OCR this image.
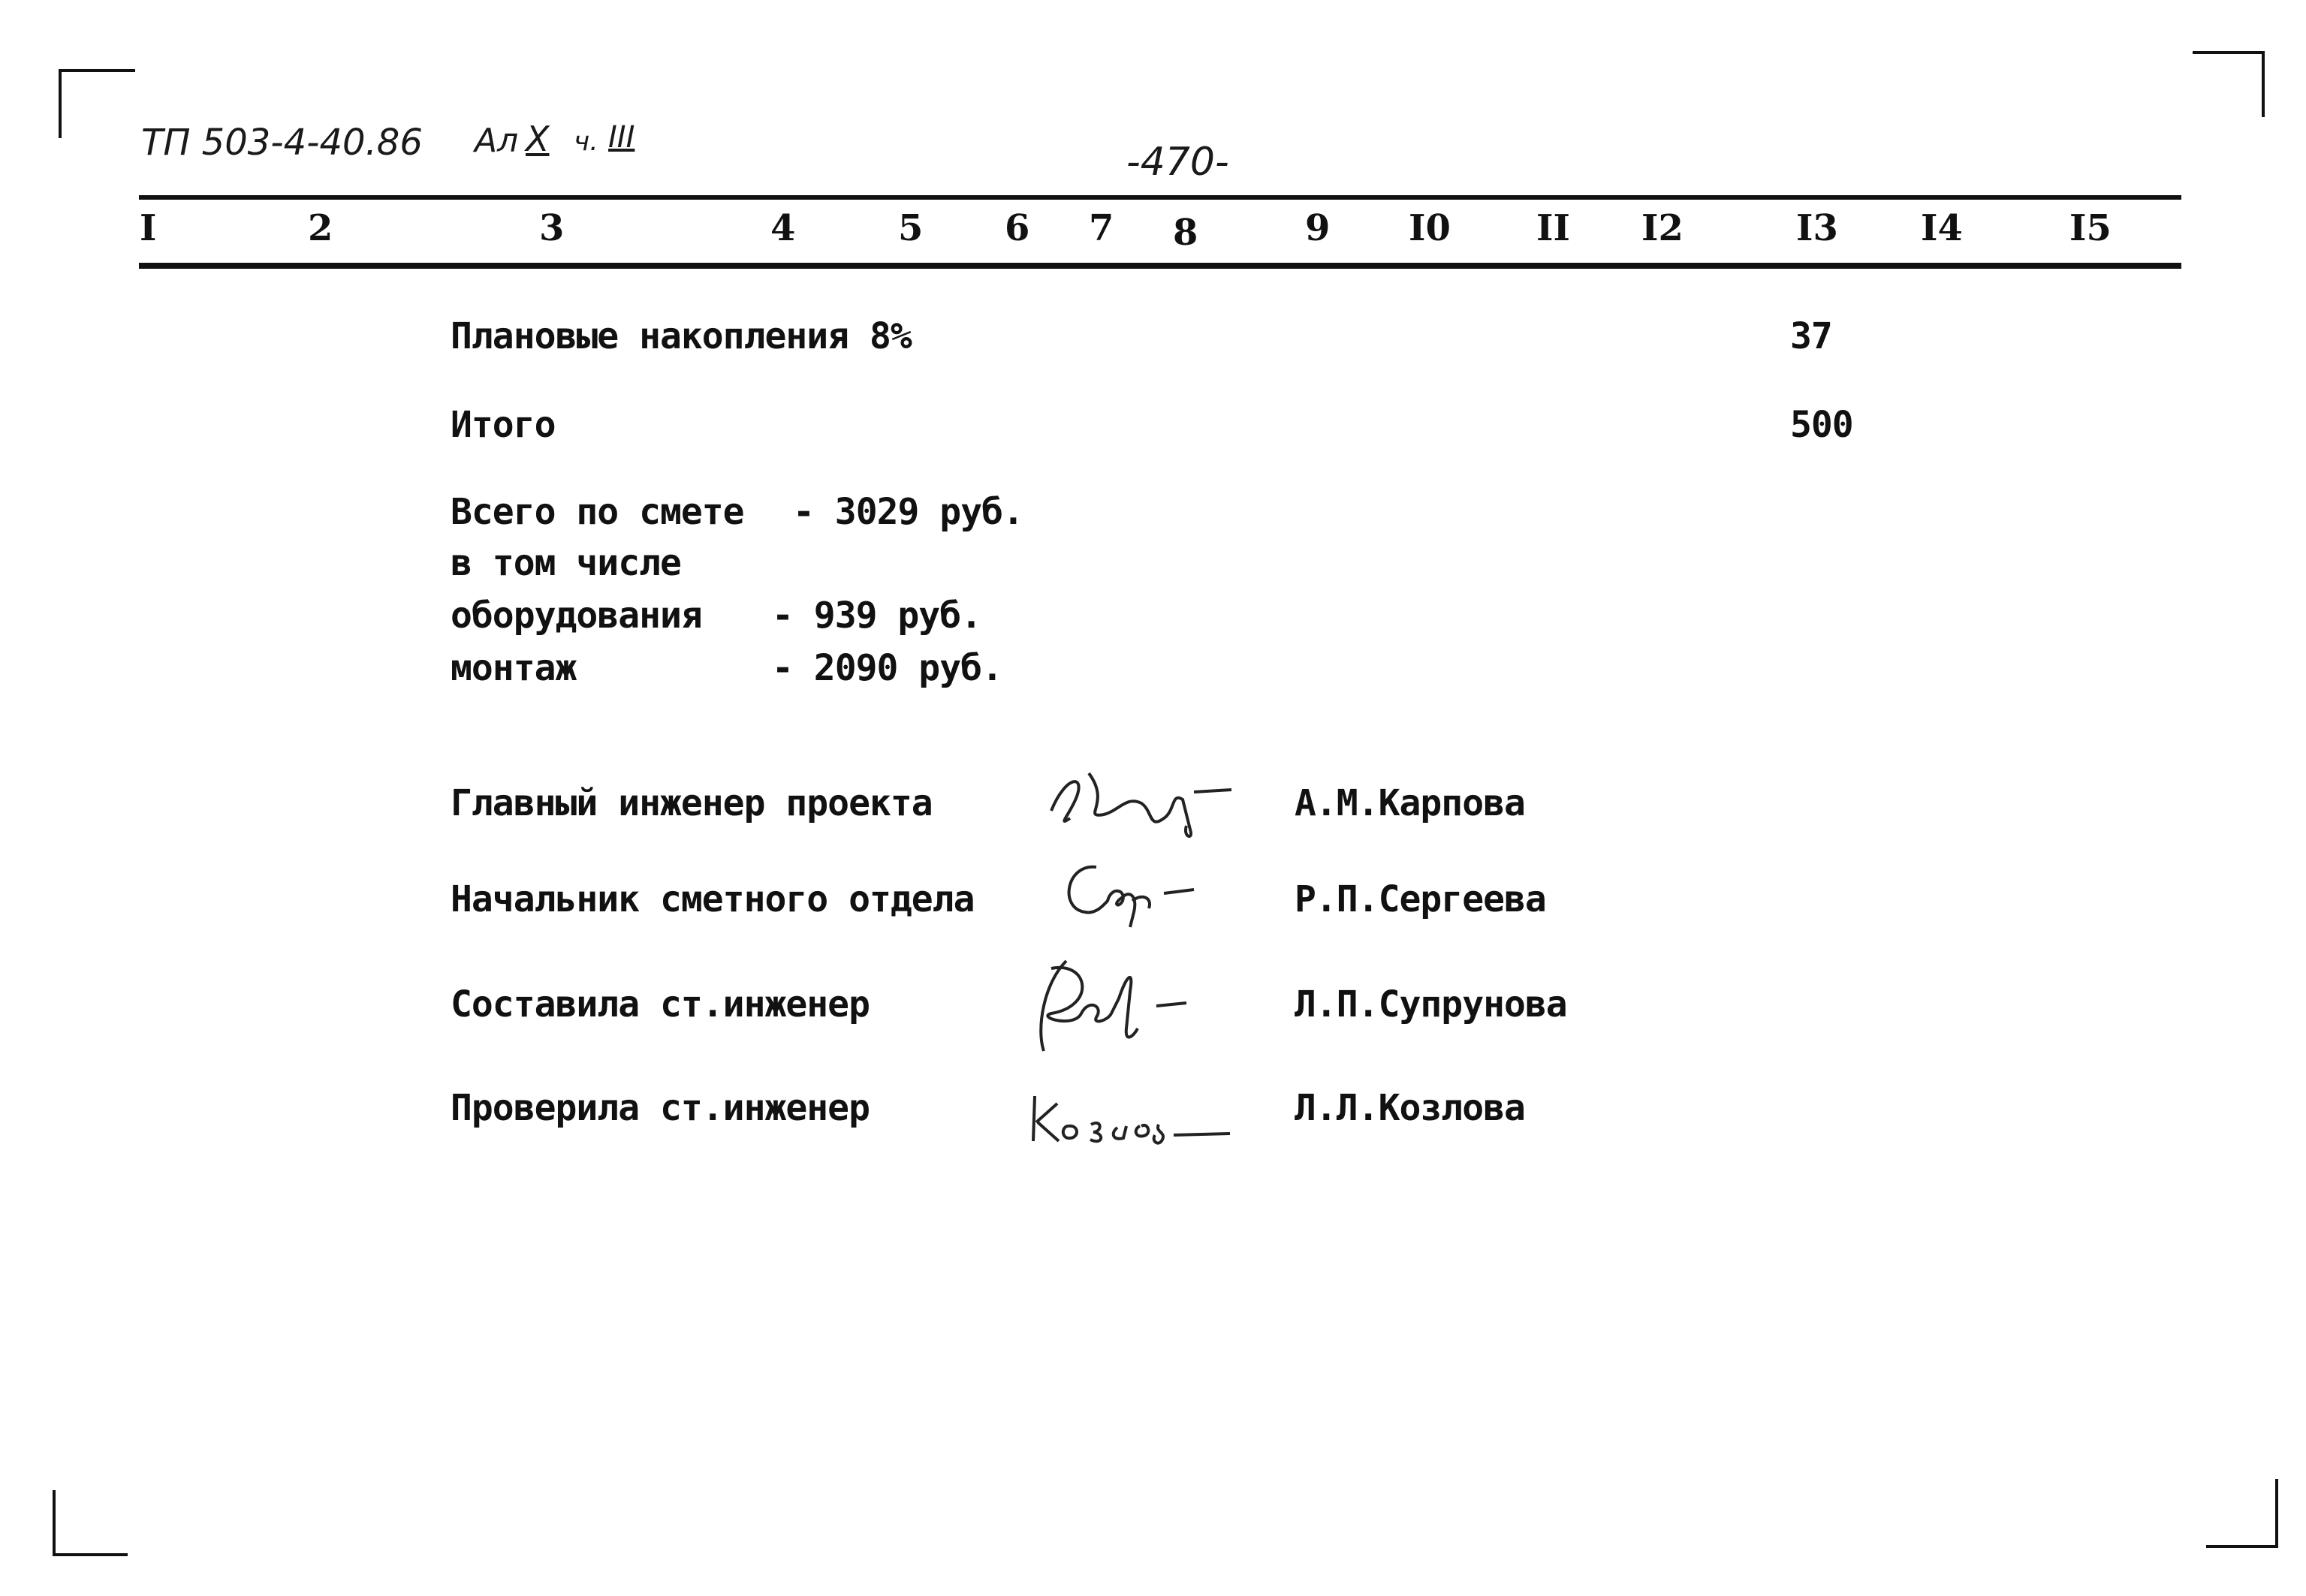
ТП 503-4-40.86 Ал X ч. III
-470-
I	2	3	4	5 6 7 8	9 I0 II I2	I3 I4	I5
Плановые накопления 8%	37
Итого	500
Всего по смете - 3029 руб.
в том числе
оборудования - 939 руб.
монтаж	- 2090 руб.
Главный инженер проекта	А.М.Карпова
Начальник сметного отдела	Р.П.Сергеева
Составила ст.инженер	Л.П.Супрунова
Проверила ст.инженер	Л.Л.Козлова
